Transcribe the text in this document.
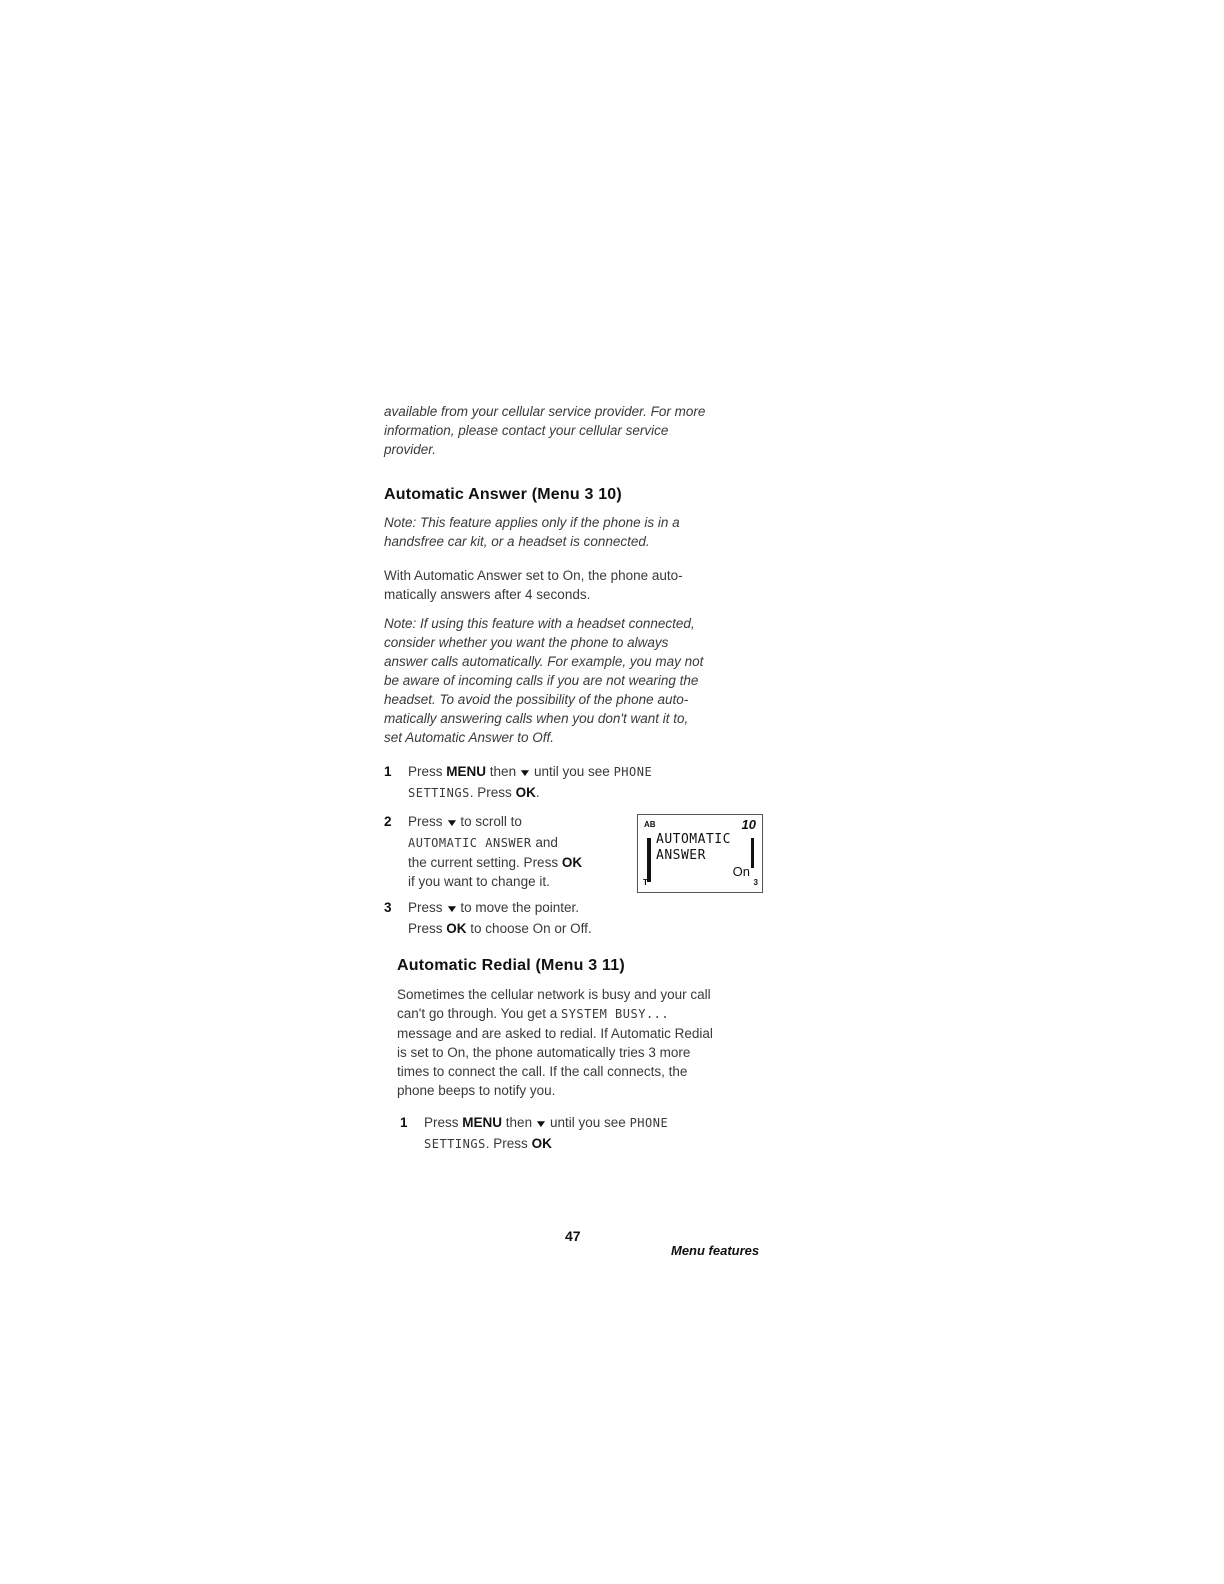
available from your cellular service provider. For more
information, please contact your cellular service
provider.
Automatic Answer (Menu 3 10)
Note: This feature applies only if the phone is in a
handsfree car kit, or a headset is connected.
With Automatic Answer set to On, the phone auto-
matically answers after 4 seconds.
Note: If using this feature with a headset connected,
consider whether you want the phone to always
answer calls automatically. For example, you may not
be aware of incoming calls if you are not wearing the
headset. To avoid the possibility of the phone auto-
matically answering calls when you don't want it to,
set Automatic Answer to Off.
1	Press MENU then ▼ until you see PHONE
SETTINGS. Press OK.
2	Press ▼ to scroll to
AUTOMATIC ANSWER and
the current setting. Press OK
if you want to change it.
AB	10
AUTOMATIC
ANSWER
On
T	3
3	Press ▼ to move the pointer.
Press OK to choose On or Off.
Automatic Redial (Menu 3 11)
Sometimes the cellular network is busy and your call
can't go through. You get a SYSTEM BUSY...
message and are asked to redial. If Automatic Redial
is set to On, the phone automatically tries 3 more
times to connect the call. If the call connects, the
phone beeps to notify you.
1	Press MENU then ▼ until you see PHONE
SETTINGS. Press OK
47
Menu features
